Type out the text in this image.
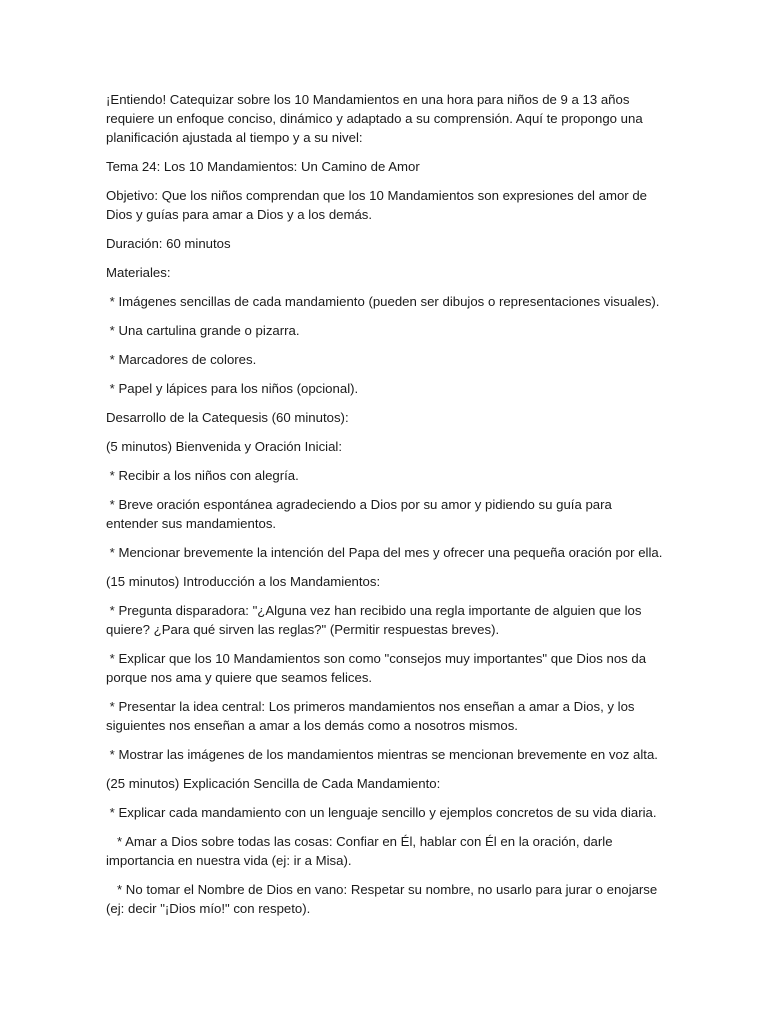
¡Entiendo! Catequizar sobre los 10 Mandamientos en una hora para niños de 9 a 13 años requiere un enfoque conciso, dinámico y adaptado a su comprensión. Aquí te propongo una planificación ajustada al tiempo y a su nivel:

Tema 24: Los 10 Mandamientos: Un Camino de Amor

Objetivo: Que los niños comprendan que los 10 Mandamientos son expresiones del amor de Dios y guías para amar a Dios y a los demás.

Duración: 60 minutos

Materiales:

* Imágenes sencillas de cada mandamiento (pueden ser dibujos o representaciones visuales).

* Una cartulina grande o pizarra.

* Marcadores de colores.

* Papel y lápices para los niños (opcional).

Desarrollo de la Catequesis (60 minutos):

(5 minutos) Bienvenida y Oración Inicial:

* Recibir a los niños con alegría.

* Breve oración espontánea agradeciendo a Dios por su amor y pidiendo su guía para entender sus mandamientos.

* Mencionar brevemente la intención del Papa del mes y ofrecer una pequeña oración por ella.

(15 minutos) Introducción a los Mandamientos:

* Pregunta disparadora: "¿Alguna vez han recibido una regla importante de alguien que los quiere? ¿Para qué sirven las reglas?" (Permitir respuestas breves).

* Explicar que los 10 Mandamientos son como "consejos muy importantes" que Dios nos da porque nos ama y quiere que seamos felices.

* Presentar la idea central: Los primeros mandamientos nos enseñan a amar a Dios, y los siguientes nos enseñan a amar a los demás como a nosotros mismos.

* Mostrar las imágenes de los mandamientos mientras se mencionan brevemente en voz alta.

(25 minutos) Explicación Sencilla de Cada Mandamiento:

* Explicar cada mandamiento con un lenguaje sencillo y ejemplos concretos de su vida diaria.

* Amar a Dios sobre todas las cosas: Confiar en Él, hablar con Él en la oración, darle importancia en nuestra vida (ej: ir a Misa).

* No tomar el Nombre de Dios en vano: Respetar su nombre, no usarlo para jurar o enojarse (ej: decir "¡Dios mío!" con respeto).
